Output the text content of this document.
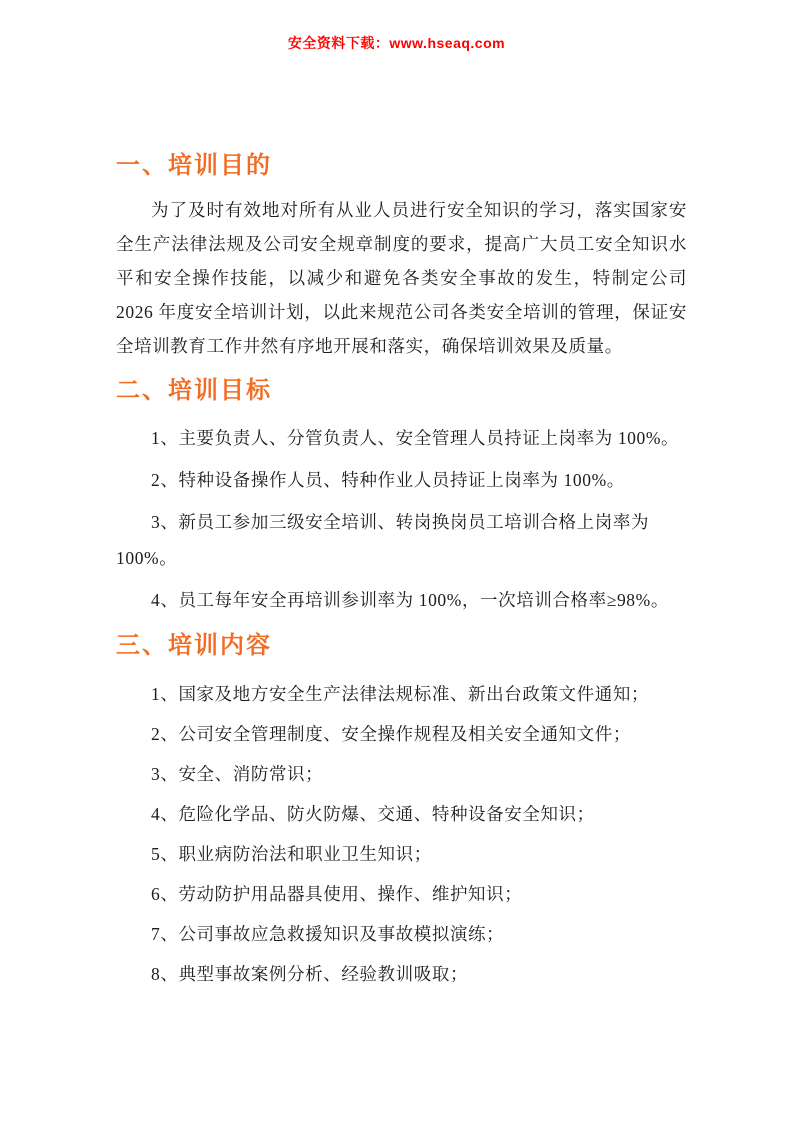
安全资料下载：www.hseaq.com
一、培训目的

为了及时有效地对所有从业人员进行安全知识的学习，落实国家安全生产法律法规及公司安全规章制度的要求，提高广大员工安全知识水平和安全操作技能，以减少和避免各类安全事故的发生，特制定公司 2026 年度安全培训计划，以此来规范公司各类安全培训的管理，保证安全培训教育工作井然有序地开展和落实，确保培训效果及质量。

二、培训目标

1、主要负责人、分管负责人、安全管理人员持证上岗率为 100%。

2、特种设备操作人员、特种作业人员持证上岗率为 100%。

3、新员工参加三级安全培训、转岗换岗员工培训合格上岗率为 100%。

4、员工每年安全再培训参训率为 100%，一次培训合格率≥98%。

三、培训内容

1、国家及地方安全生产法律法规标准、新出台政策文件通知；

2、公司安全管理制度、安全操作规程及相关安全通知文件；

3、安全、消防常识；

4、危险化学品、防火防爆、交通、特种设备安全知识；

5、职业病防治法和职业卫生知识；

6、劳动防护用品器具使用、操作、维护知识；

7、公司事故应急救援知识及事故模拟演练；

8、典型事故案例分析、经验教训吸取；
